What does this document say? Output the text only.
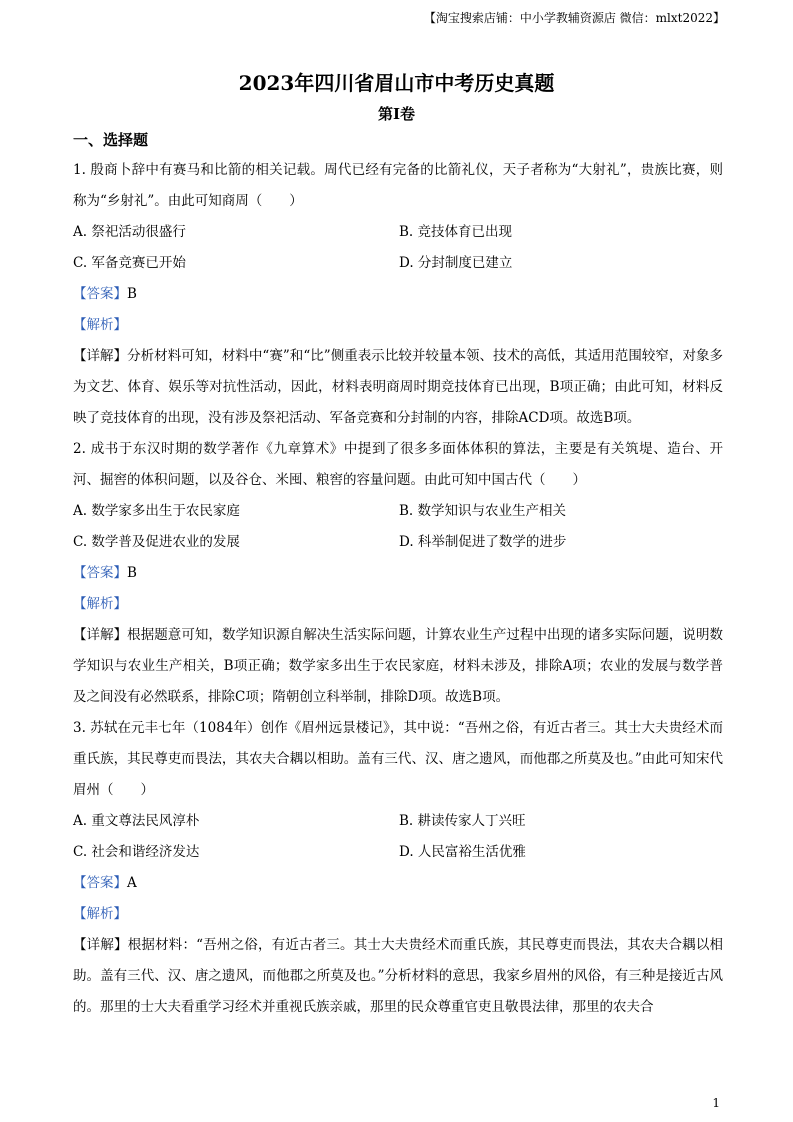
【淘宝搜索店铺：中小学教辅资源店 微信：mlxt2022】
2023年四川省眉山市中考历史真题
第I卷
一、选择题

1. 殷商卜辞中有赛马和比箭的相关记载。周代已经有完备的比箭礼仪，天子者称为“大射礼”，贵族比赛，则称为“乡射礼”。由此可知商周（　　）

A. 祭祀活动很盛行	B. 竞技体育已出现
C. 军备竞赛已开始	D. 分封制度已建立

【答案】B

【解析】

【详解】分析材料可知，材料中“赛”和“比”侧重表示比较并较量本领、技术的高低，其适用范围较窄，对象多为文艺、体育、娱乐等对抗性活动，因此，材料表明商周时期竞技体育已出现，B项正确；由此可知，材料反映了竞技体育的出现，没有涉及祭祀活动、军备竞赛和分封制的内容，排除ACD项。故选B项。

2. 成书于东汉时期的数学著作《九章算术》中提到了很多多面体体积的算法，主要是有关筑堤、造台、开河、掘窖的体积问题，以及谷仓、米囤、粮窖的容量问题。由此可知中国古代（　　）

A. 数学家多出生于农民家庭	B. 数学知识与农业生产相关
C. 数学普及促进农业的发展	D. 科举制促进了数学的进步

【答案】B

【解析】

【详解】根据题意可知，数学知识源自解决生活实际问题，计算农业生产过程中出现的诸多实际问题，说明数学知识与农业生产相关，B项正确；数学家多出生于农民家庭，材料未涉及，排除A项；农业的发展与数学普及之间没有必然联系，排除C项；隋朝创立科举制，排除D项。故选B项。

3. 苏轼在元丰七年（1084年）创作《眉州远景楼记》，其中说：“吾州之俗，有近古者三。其士大夫贵经术而重氏族，其民尊吏而畏法，其农夫合耦以相助。盖有三代、汉、唐之遗风，而他郡之所莫及也。”由此可知宋代眉州（　　）

A. 重文尊法民风淳朴	B. 耕读传家人丁兴旺
C. 社会和谐经济发达	D. 人民富裕生活优雅

【答案】A

【解析】

【详解】根据材料：“吾州之俗，有近古者三。其士大夫贵经术而重氏族，其民尊吏而畏法，其农夫合耦以相助。盖有三代、汉、唐之遗风，而他郡之所莫及也。”分析材料的意思，我家乡眉州的风俗，有三种是接近古风的。那里的士大夫看重学习经术并重视氏族亲戚，那里的民众尊重官吏且敬畏法律，那里的农夫合

1
